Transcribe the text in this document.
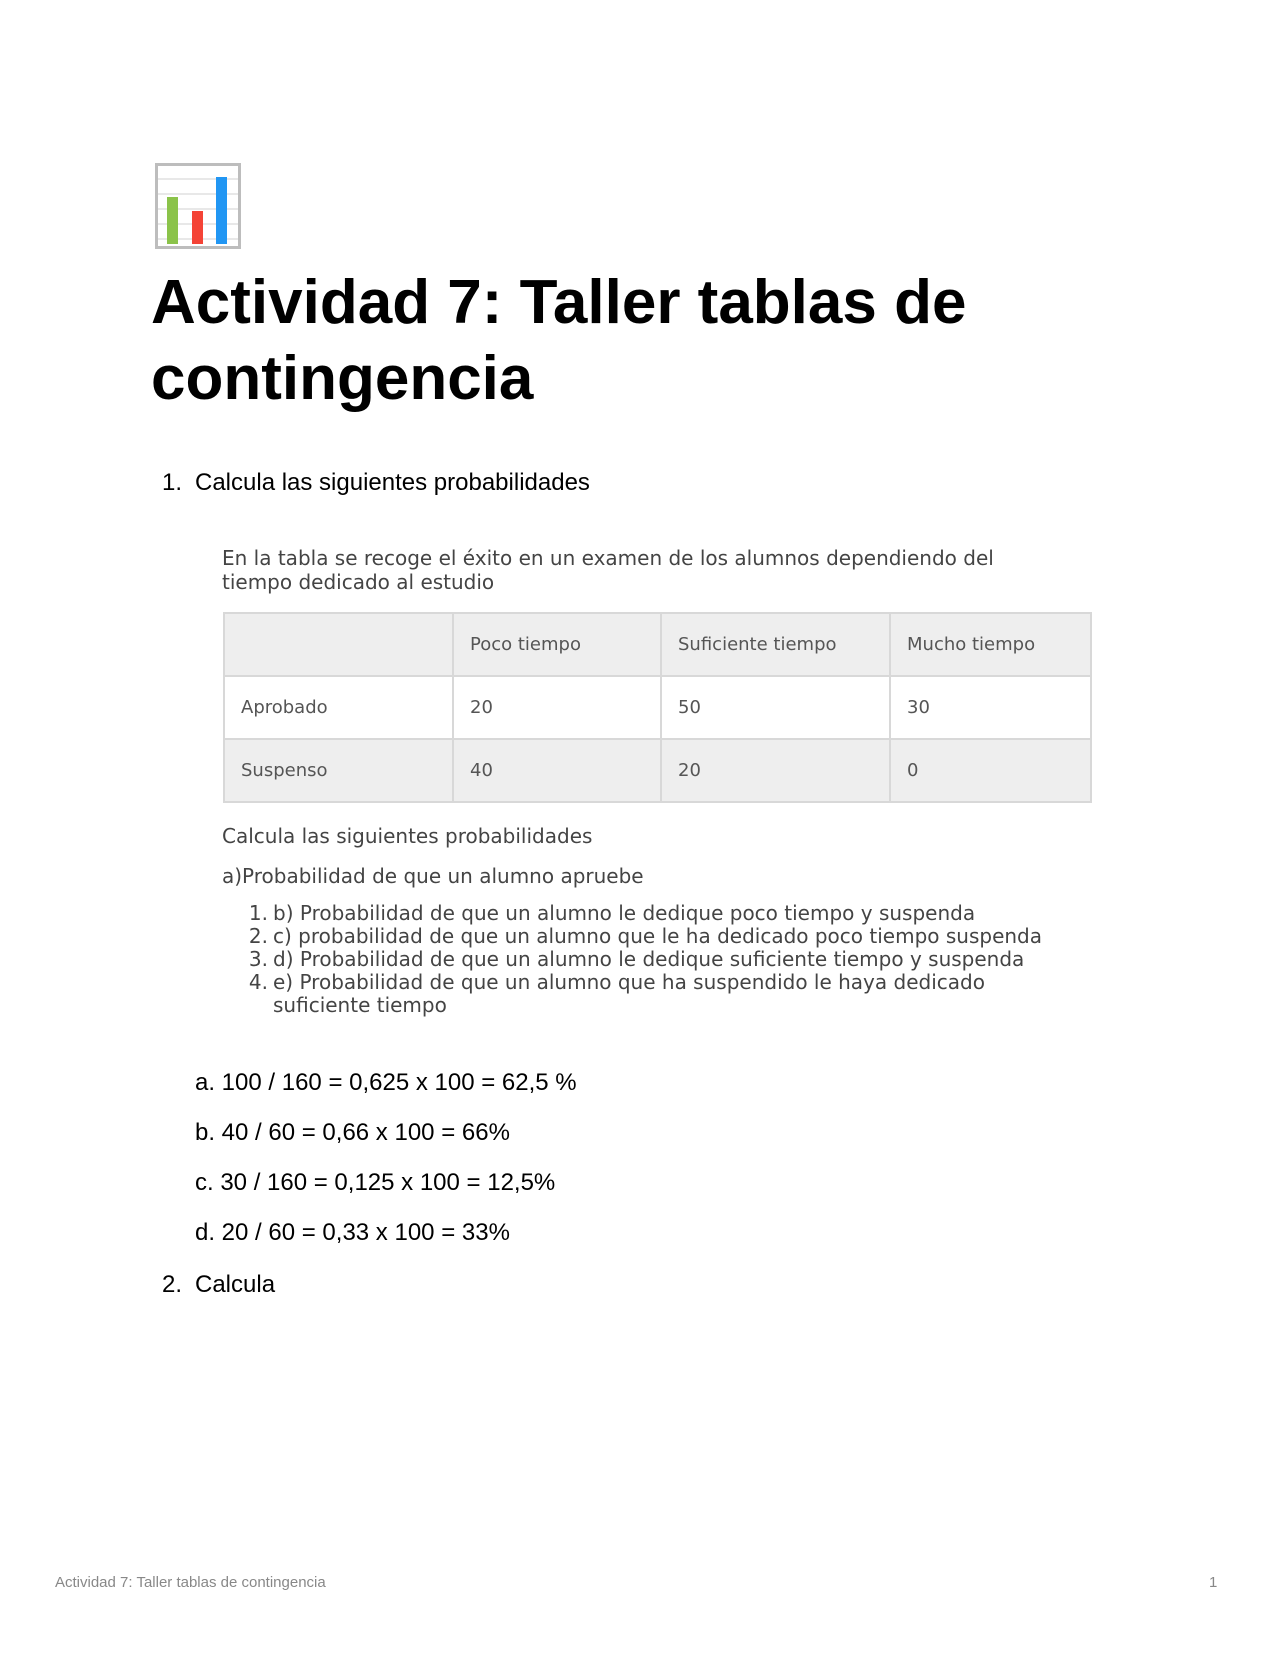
Actividad 7: Taller tablas de contingencia
1. Calcula las siguientes probabilidades

En la tabla se recoge el éxito en un examen de los alumnos dependiendo del tiempo dedicado al estudio

	Poco tiempo	Suficiente tiempo	Mucho tiempo
Aprobado	20	50	30
Suspenso	40	20	0

Calcula las siguientes probabilidades

a)Probabilidad de que un alumno apruebe

1. b) Probabilidad de que un alumno le dedique poco tiempo y suspenda
2. c) probabilidad de que un alumno que le ha dedicado poco tiempo suspenda
3. d) Probabilidad de que un alumno le dedique suficiente tiempo y suspenda
4. e) Probabilidad de que un alumno que ha suspendido le haya dedicado suficiente tiempo
a. 100 / 160 = 0,625 x 100 = 62,5 %
b. 40 / 60 = 0,66 x 100 = 66%
c. 30 / 160 = 0,125 x 100 = 12,5%
d. 20 / 60 = 0,33 x 100 = 33%
2. Calcula
Actividad 7: Taller tablas de contingencia	1
